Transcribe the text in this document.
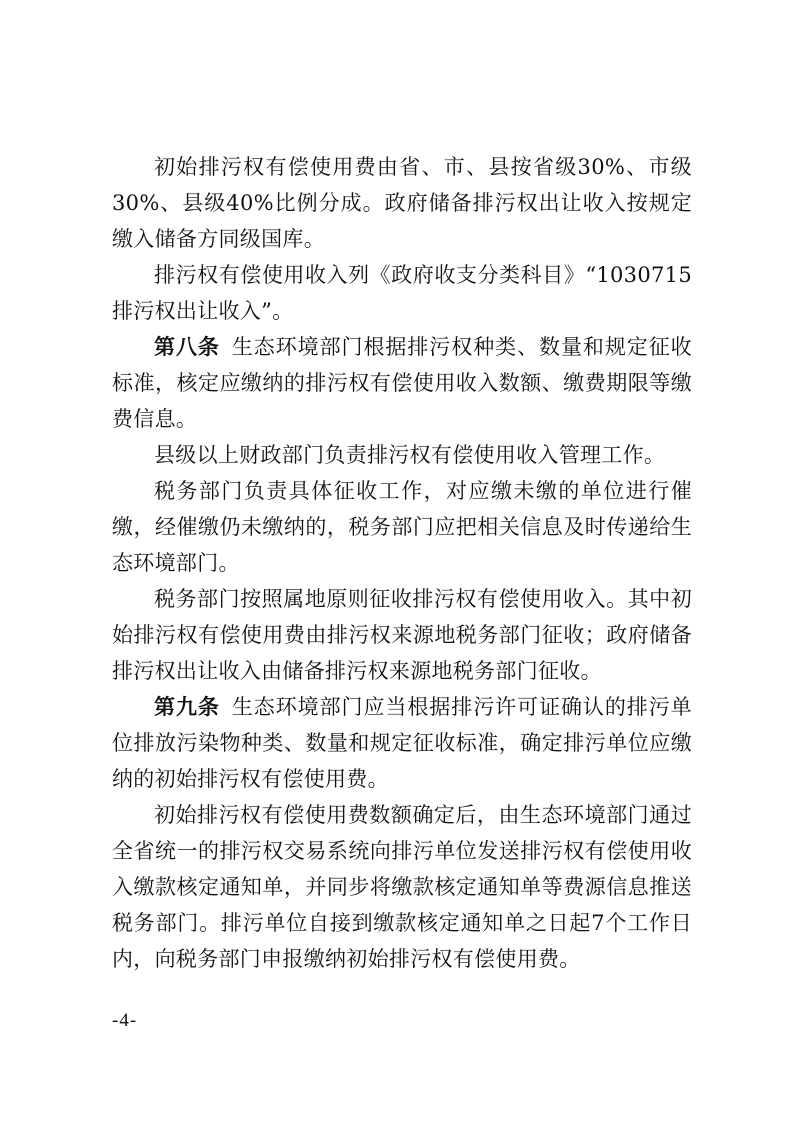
初始排污权有偿使用费由省、市、县按省级30%、市级30%、县级40%比例分成。政府储备排污权出让收入按规定缴入储备方同级国库。

排污权有偿使用收入列《政府收支分类科目》“1030715 排污权出让收入”。

第八条 生态环境部门根据排污权种类、数量和规定征收标准，核定应缴纳的排污权有偿使用收入数额、缴费期限等缴费信息。

县级以上财政部门负责排污权有偿使用收入管理工作。

税务部门负责具体征收工作，对应缴未缴的单位进行催缴，经催缴仍未缴纳的，税务部门应把相关信息及时传递给生态环境部门。

税务部门按照属地原则征收排污权有偿使用收入。其中初始排污权有偿使用费由排污权来源地税务部门征收；政府储备排污权出让收入由储备排污权来源地税务部门征收。

第九条 生态环境部门应当根据排污许可证确认的排污单位排放污染物种类、数量和规定征收标准，确定排污单位应缴纳的初始排污权有偿使用费。

初始排污权有偿使用费数额确定后，由生态环境部门通过全省统一的排污权交易系统向排污单位发送排污权有偿使用收入缴款核定通知单，并同步将缴款核定通知单等费源信息推送税务部门。排污单位自接到缴款核定通知单之日起7个工作日内，向税务部门申报缴纳初始排污权有偿使用费。

-4-
